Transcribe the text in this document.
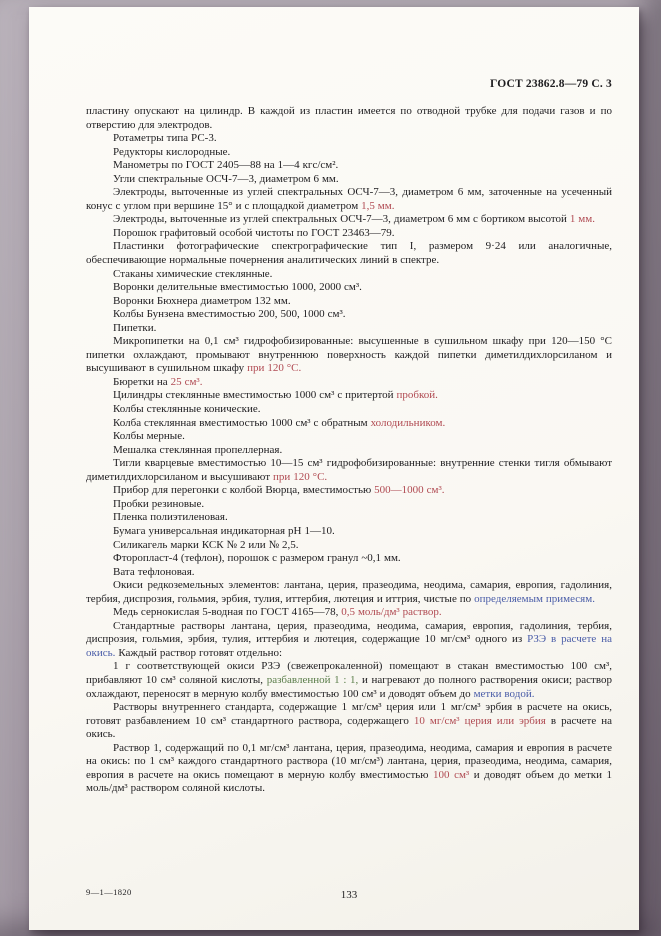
ГОСТ 23862.8—79 С. 3

пластину опускают на цилиндр. В каждой из пластин имеется по отводной трубке для подачи газов и по отверстию для электродов.

Ротаметры типа РС-3.

Редукторы кислородные.

Манометры по ГОСТ 2405—88 на 1—4 кгс/см².

Угли спектральные ОСЧ-7—3, диаметром 6 мм.

Электроды, выточенные из углей спектральных ОСЧ-7—3, диаметром 6 мм, заточенные на усеченный конус с углом при вершине 15° и с площадкой диаметром 1,5 мм.

Электроды, выточенные из углей спектральных ОСЧ-7—3, диаметром 6 мм с бортиком высотой 1 мм.

Порошок графитовый особой чистоты по ГОСТ 23463—79.

Пластинки фотографические спектрографические тип I, размером 9·24 или аналогичные, обеспечивающие нормальные почернения аналитических линий в спектре.

Стаканы химические стеклянные.

Воронки делительные вместимостью 1000, 2000 см³.

Воронки Бюхнера диаметром 132 мм.

Колбы Бунзена вместимостью 200, 500, 1000 см³.

Пипетки.

Микропипетки на 0,1 см³ гидрофобизированные: высушенные в сушильном шкафу при 120—150 °С пипетки охлаждают, промывают внутреннюю поверхность каждой пипетки диметилдихлорсиланом и высушивают в сушильном шкафу при 120 °С.

Бюретки на 25 см³.

Цилиндры стеклянные вместимостью 1000 см³ с притертой пробкой.

Колбы стеклянные конические.

Колба стеклянная вместимостью 1000 см³ с обратным холодильником.

Колбы мерные.

Мешалка стеклянная пропеллерная.

Тигли кварцевые вместимостью 10—15 см³ гидрофобизированные: внутренние стенки тигля обмывают диметилдихлорсиланом и высушивают при 120 °С.

Прибор для перегонки с колбой Вюрца, вместимостью 500—1000 см³.

Пробки резиновые.

Пленка полиэтиленовая.

Бумага универсальная индикаторная pH 1—10.

Силикагель марки КСК № 2 или № 2,5.

Фторопласт-4 (тефлон), порошок с размером гранул ~0,1 мм.

Вата тефлоновая.

Окиси редкоземельных элементов: лантана, церия, празеодима, неодима, самария, европия, гадолиния, тербия, диспрозия, гольмия, эрбия, тулия, иттербия, лютеция и иттрия, чистые по определяемым примесям.

Медь сернокислая 5-водная по ГОСТ 4165—78, 0,5 моль/дм³ раствор.

Стандартные растворы лантана, церия, празеодима, неодима, самария, европия, гадолиния, тербия, диспрозия, гольмия, эрбия, тулия, иттербия и лютеция, содержащие 10 мг/см³ одного из РЗЭ в расчете на окись. Каждый раствор готовят отдельно:

1 г соответствующей окиси РЗЭ (свежепрокаленной) помещают в стакан вместимостью 100 см³, прибавляют 10 см³ соляной кислоты, разбавленной 1 : 1, и нагревают до полного растворения окиси; раствор охлаждают, переносят в мерную колбу вместимостью 100 см³ и доводят объем до метки водой.

Растворы внутреннего стандарта, содержащие 1 мг/см³ церия или 1 мг/см³ эрбия в расчете на окись, готовят разбавлением 10 см³ стандартного раствора, содержащего 10 мг/см³ церия или эрбия в расчете на окись.

Раствор 1, содержащий по 0,1 мг/см³ лантана, церия, празеодима, неодима, самария и европия в расчете на окись: по 1 см³ каждого стандартного раствора (10 мг/см³) лантана, церия, празеодима, неодима, самария, европия в расчете на окись помещают в мерную колбу вместимостью 100 см³ и доводят объем до метки 1 моль/дм³ раствором соляной кислоты.

9—1—1820	133
